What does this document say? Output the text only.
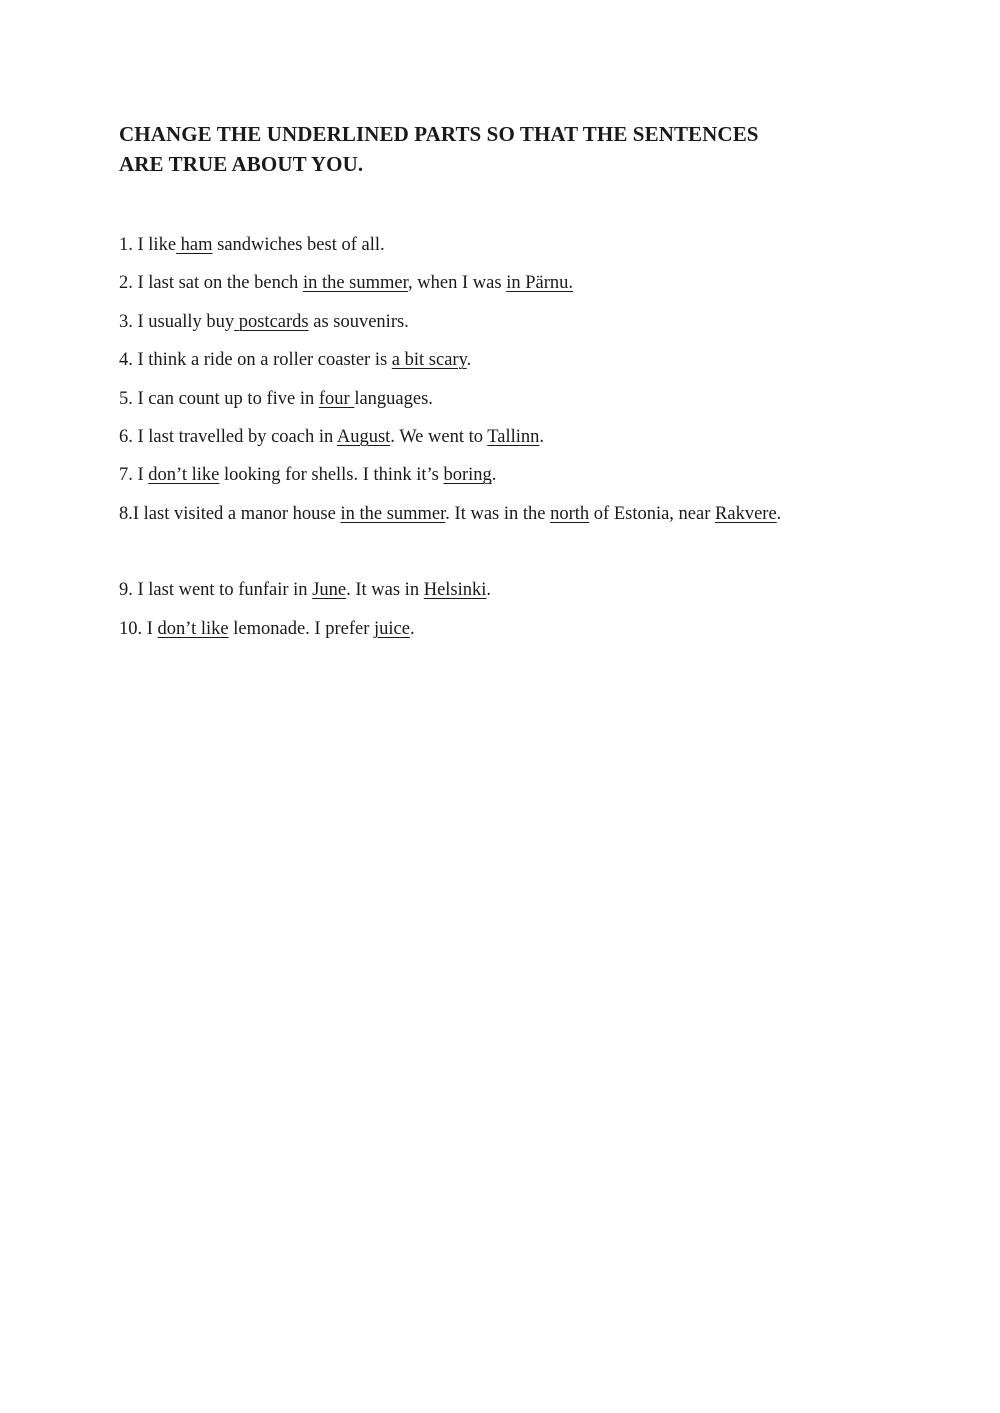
CHANGE THE UNDERLINED PARTS SO THAT THE SENTENCES
ARE TRUE ABOUT YOU.

1. I like ham sandwiches best of all.

2. I last sat on the bench in the summer, when I was in Pärnu.

3. I usually buy postcards as souvenirs.

4. I think a ride on a roller coaster is a bit scary.

5. I can count up to five in four languages.

6. I last travelled by coach in August. We went to Tallinn.

7. I don’t like looking for shells. I think it’s boring.

8.I last visited a manor house in the summer. It was in the north of Estonia, near Rakvere.

9. I last went to funfair in June. It was in Helsinki.

10. I don’t like lemonade. I prefer juice.
